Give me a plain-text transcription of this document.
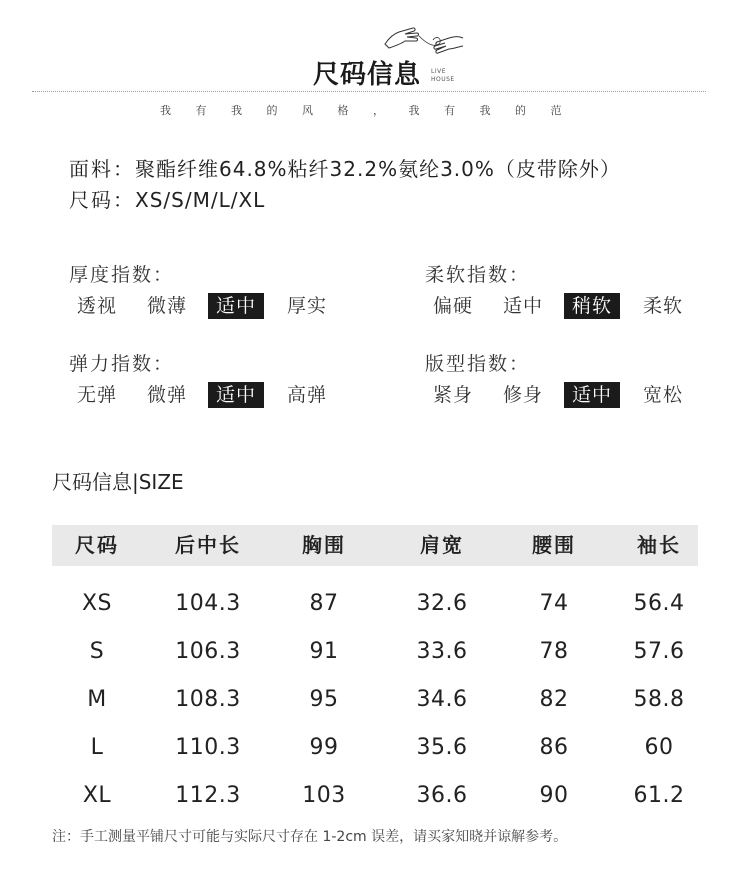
尺码信息 LIVE
HOUSE
我有我的风格，我有我的范
面料：聚酯纤维64.8%粘纤32.2%氨纶3.0%（皮带除外）
尺码：XS/S/M/L/XL
厚度指数：
透视	微薄	适中	厚实
柔软指数：
偏硬	适中	稍软	柔软
弹力指数：
无弹	微弹	适中	高弹
版型指数：
紧身	修身	适中	宽松
尺码信息|SIZE
尺码	后中长	胸围	肩宽	腰围	袖长
XS	104.3	87	32.6	74	56.4
S	106.3	91	33.6	78	57.6
M	108.3	95	34.6	82	58.8
L	110.3	99	35.6	86	60
XL	112.3	103	36.6	90	61.2
注：手工测量平铺尺寸可能与实际尺寸存在 1-2cm 误差，请买家知晓并谅解参考。
